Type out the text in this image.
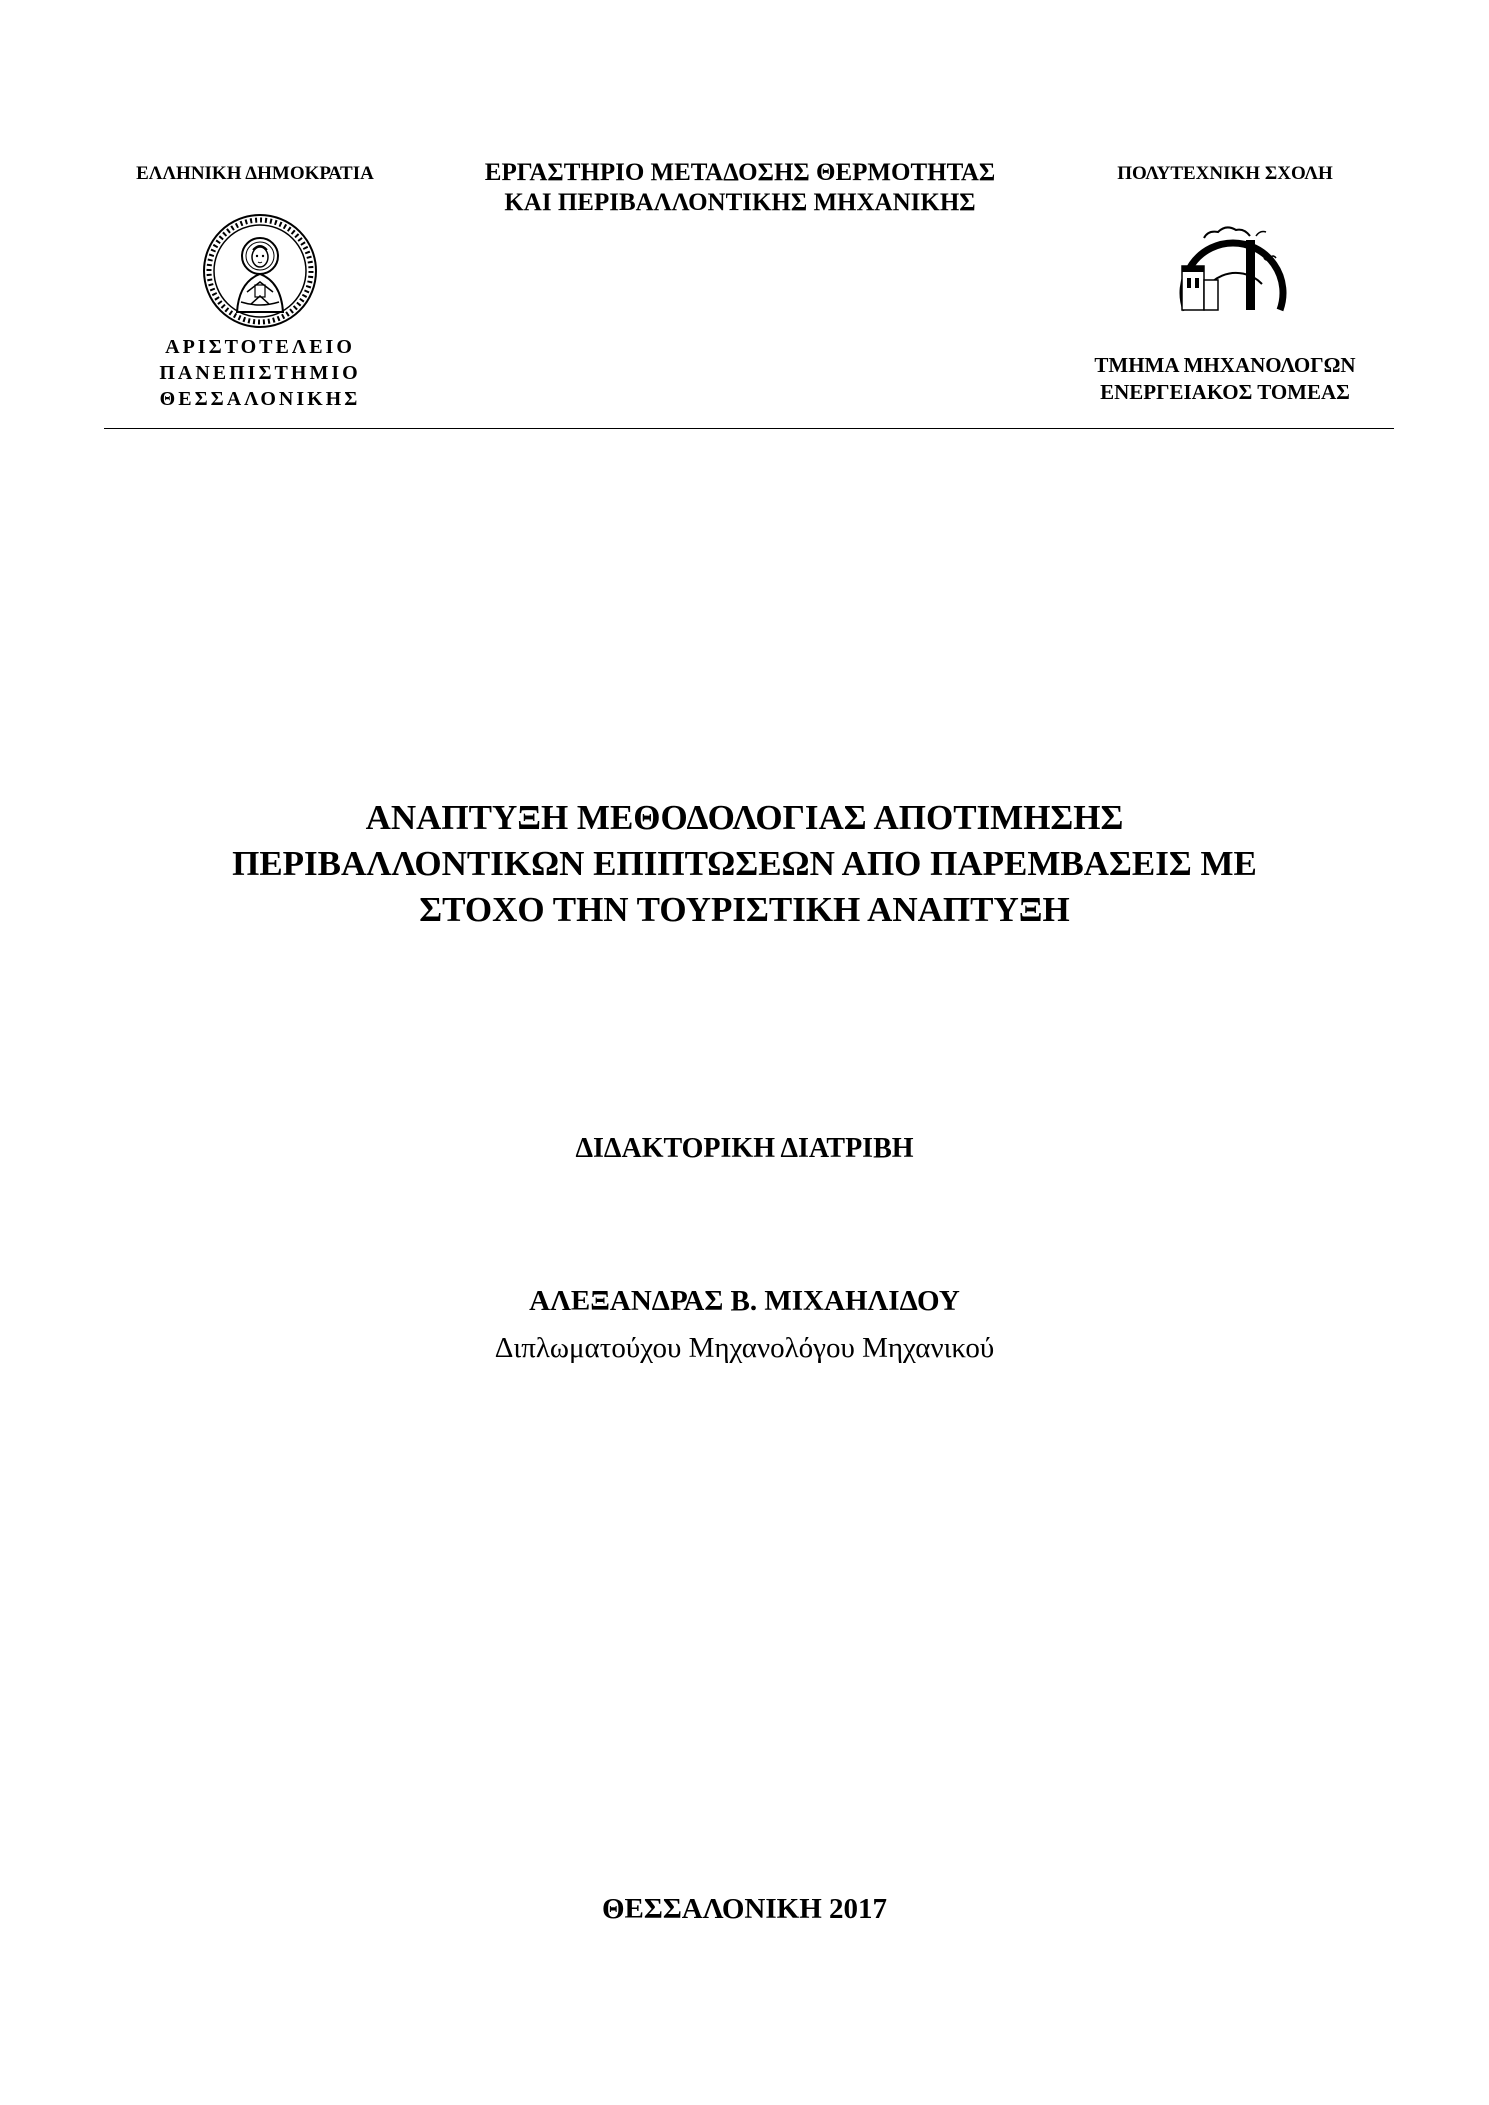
ΕΛΛΗΝΙΚΗ ΔΗΜΟΚΡΑΤΙΑ	ΕΡΓΑΣΤΗΡΙΟ ΜΕΤΑΔΟΣΗΣ ΘΕΡΜΟΤΗΤΑΣ
ΚΑΙ ΠΕΡΙΒΑΛΛΟΝΤΙΚΗΣ ΜΗΧΑΝΙΚΗΣ
ΠΟΛΥΤΕΧΝΙΚΗ ΣΧΟΛΗ
ΑΡΙΣΤΟΤΕΛΕΙΟ
ΠΑΝΕΠΙΣΤΗΜΙΟ
ΘΕΣΣΑΛΟΝΙΚΗΣ
ΤΜΗΜΑ ΜΗΧΑΝΟΛΟΓΩΝ
ΕΝΕΡΓΕΙΑΚΟΣ ΤΟΜΕΑΣ
ΑΝΑΠΤΥΞΗ ΜΕΘΟΔΟΛΟΓΙΑΣ ΑΠΟΤΙΜΗΣΗΣ
ΠΕΡΙΒΑΛΛΟΝΤΙΚΩΝ ΕΠΙΠΤΩΣΕΩΝ ΑΠΟ ΠΑΡΕΜΒΑΣΕΙΣ ΜΕ
ΣΤΟΧΟ ΤΗΝ ΤΟΥΡΙΣΤΙΚΗ ΑΝΑΠΤΥΞΗ
ΔΙΔΑΚΤΟΡΙΚΗ ΔΙΑΤΡΙΒΗ
ΑΛΕΞΑΝΔΡΑΣ Β. ΜΙΧΑΗΛΙΔΟΥ
Διπλωματούχου Μηχανολόγου Μηχανικού
ΘΕΣΣΑΛΟΝΙΚΗ 2017
